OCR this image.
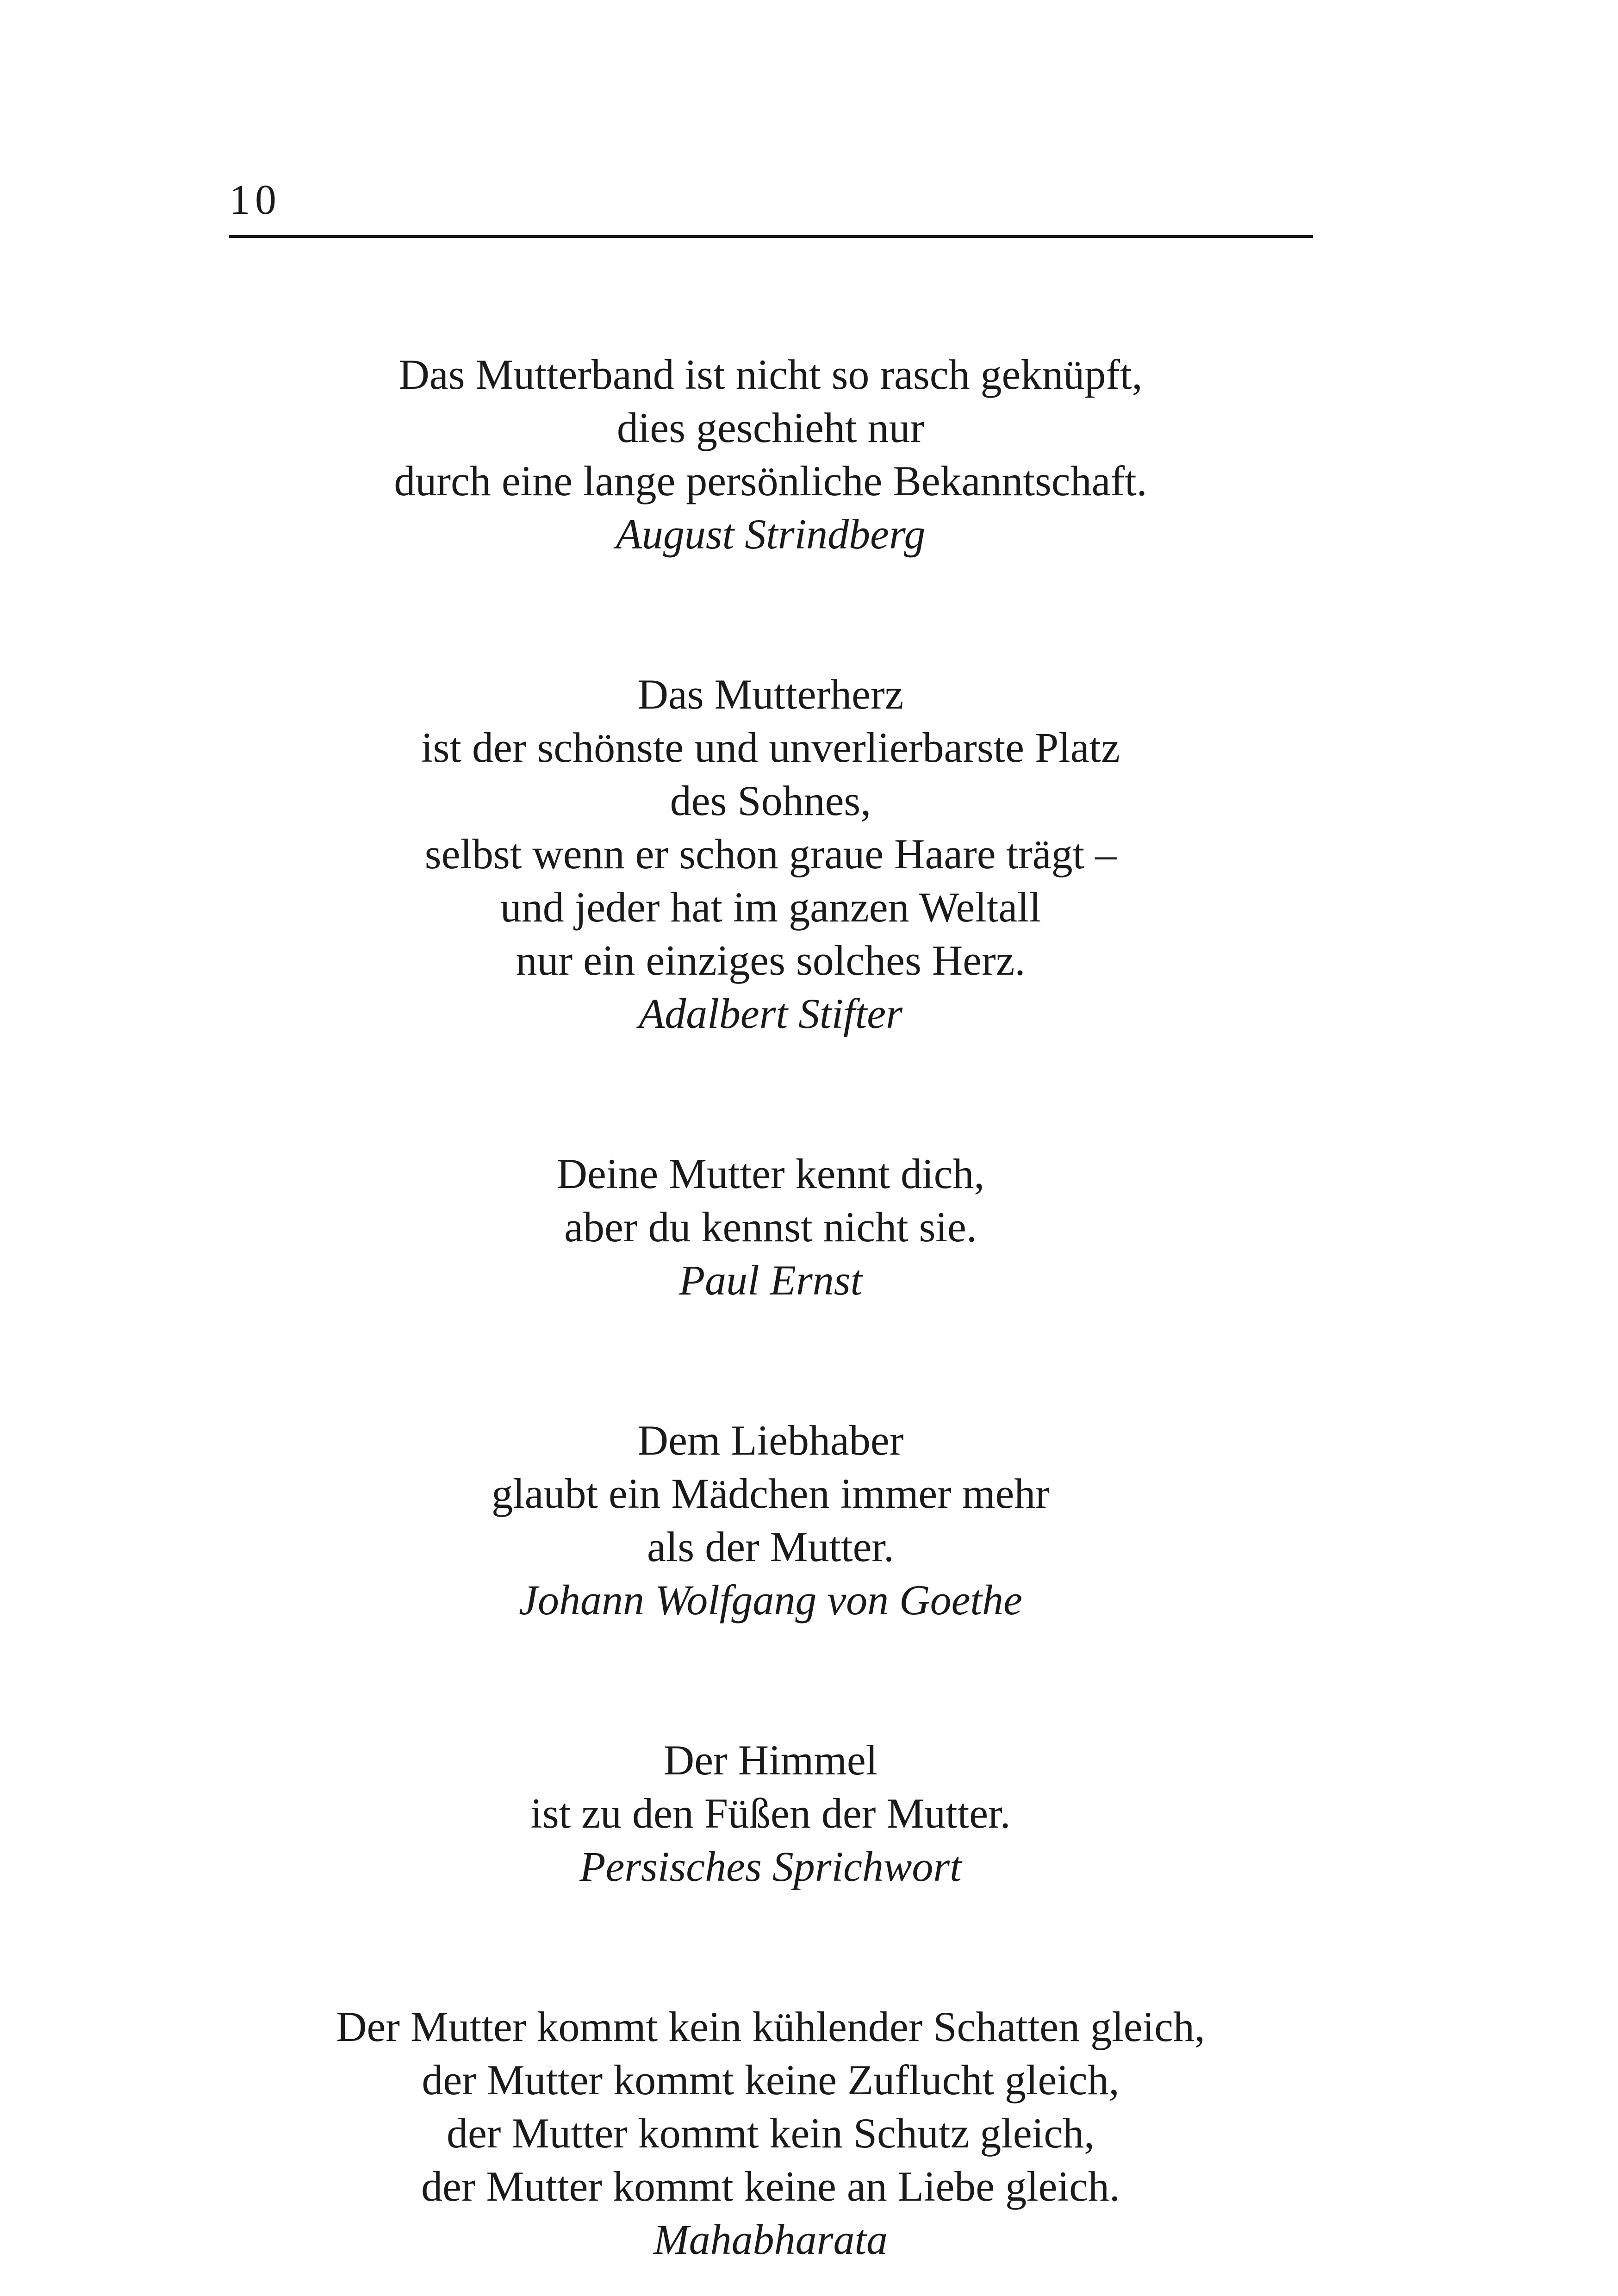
10
Das Mutterband ist nicht so rasch geknüpft,
dies geschieht nur
durch eine lange persönliche Bekanntschaft.
August Strindberg
Das Mutterherz
ist der schönste und unverlierbarste Platz
des Sohnes,
selbst wenn er schon graue Haare trägt –
und jeder hat im ganzen Weltall
nur ein einziges solches Herz.
Adalbert Stifter
Deine Mutter kennt dich,
aber du kennst nicht sie.
Paul Ernst
Dem Liebhaber
glaubt ein Mädchen immer mehr
als der Mutter.
Johann Wolfgang von Goethe
Der Himmel
ist zu den Füßen der Mutter.
Persisches Sprichwort
Der Mutter kommt kein kühlender Schatten gleich,
der Mutter kommt keine Zuflucht gleich,
der Mutter kommt kein Schutz gleich,
der Mutter kommt keine an Liebe gleich.
Mahabharata
